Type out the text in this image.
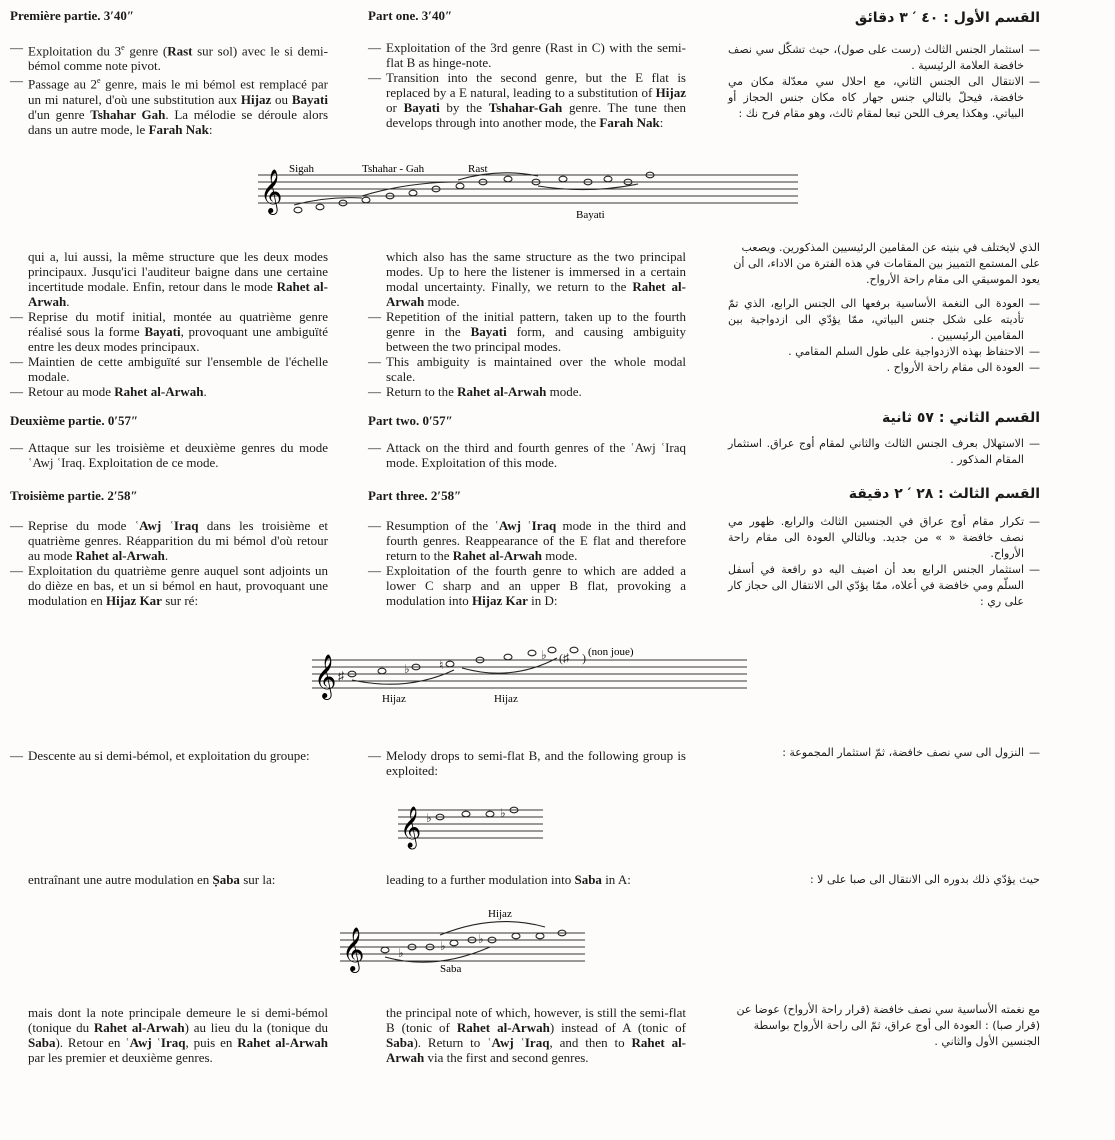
Première partie. 3′40″
— Exploitation du 3e genre (Rast sur sol) avec le si demi-bémol comme note pivot.
— Passage au 2e genre, mais le mi bémol est remplacé par un mi naturel, d'où une substitution aux Hijaz ou Bayati d'un genre Tshahar Gah. La mélodie se déroule alors dans un autre mode, le Farah Nak:
Part one. 3′40″
— Exploitation of the 3rd genre (Rast in C) with the semi-flat B as hinge-note.
— Transition into the second genre, but the E flat is replaced by a E natural, leading to a substitution of Hijaz or Bayati by the Tshahar-Gah genre. The tune then develops through into another mode, the Farah Nak:
القسم الأول : ٤٠ ′ ٣ دقائق
— استثمار الجنس الثالث (رست على صول)، حيث تشكّل سي نصف خافضة العلامة الرئيسية .
— الانتقال الى الجنس الثاني، مع احلال سي معدّلة مكان مي خافضة، فيحلّ بالتالي جنس جهار كاه مكان جنس الحجاز أو البياتي. وهكذا يعرف اللحن تبعا لمقام ثالث، وهو مقام فرح نك :
𝄞
Sigah	Tshahar - Gah	Rast
Bayati
qui a, lui aussi, la même structure que les deux modes principaux. Jusqu'ici l'auditeur baigne dans une certaine incertitude modale. Enfin, retour dans le mode Rahet al-Arwah.
— Reprise du motif initial, montée au quatrième genre réalisé sous la forme Bayati, provoquant une ambiguïté entre les deux modes principaux.
— Maintien de cette ambiguïté sur l'ensemble de l'échelle modale.
— Retour au mode Rahet al-Arwah.
which also has the same structure as the two principal modes. Up to here the listener is immersed in a certain modal uncertainty. Finally, we return to the Rahet al-Arwah mode.
— Repetition of the initial pattern, taken up to the fourth genre in the Bayati form, and causing ambiguity between the two principal modes.
— This ambiguity is maintained over the whole modal scale.
— Return to the Rahet al-Arwah mode.
الذي لايختلف في بنيته عن المقامين الرئيسيين المذكورين. ويصعب على المستمع التمييز بين المقامات في هذه الفترة من الاداء، الى أن يعود الموسيقي الى مقام راحة الأرواح.
— العودة الى النغمة الأساسية برفعها الى الجنس الرابع، الذي تمّ تأديته على شكل جنس البياتي، ممّا يؤدّي الى ازدواجية بين المقامين الرئيسيين .
— الاحتفاظ بهذه الازدواجية على طول السلم المقامي .
— العودة الى مقام راحة الأرواح .
Deuxième partie. 0′57″
— Attaque sur les troisième et deuxième genres du mode ʿAwj ʿIraq. Exploitation de ce mode.
Part two. 0′57″
— Attack on the third and fourth genres of the ʿAwj ʿIraq mode. Exploitation of this mode.
القسم الثاني : ٥٧ ثانية
— الاستهلال بعرف الجنس الثالث والثاني لمقام أوج عراق. استثمار المقام المذكور .
Troisième partie. 2′58″
— Reprise du mode ʿAwj ʿIraq dans les troisième et quatrième genres. Réapparition du mi bémol d'où retour au mode Rahet al-Arwah.
— Exploitation du quatrième genre auquel sont adjoints un do dièze en bas, et un si bémol en haut, provoquant une modulation en Hijaz Kar sur ré:
Part three. 2′58″
— Resumption of the ʿAwj ʿIraq mode in the third and fourth genres. Reappearance of the E flat and therefore return to the Rahet al-Arwah mode.
— Exploitation of the fourth genre to which are added a lower C sharp and an upper B flat, provoking a modulation into Hijaz Kar in D:
القسم الثالث : ٢٨ ′ ٢ دقيقة
— تكرار مقام أوج عراق في الجنسين الثالث والرابع. ظهور مي نصف خافضة « » من جديد. وبالتالي العودة الى مقام راحة الأرواح.
— استثمار الجنس الرابع بعد أن اضيف اليه دو رافعة في أسفل السلّم ومي خافضة في أعلاه، ممّا يؤدّي الى الانتقال الى حجاز كار على ري :
𝄞 ♯	♭ ♮
♭ (♯ ) (non joue)
Hijaz	Hijaz
— Descente au si demi-bémol, et exploitation du groupe:
—	Melody drops to semi-flat B, and the following group is exploited:
— النزول الى سي نصف خافضة، ثمّ استثمار المجموعة :
𝄞 ♭	♭
entraînant une autre modulation en Ṣaba sur la:	leading to a further modulation into Saba in A:	حيث يؤدّي ذلك بدوره الى الانتقال الى صبا على لا :
𝄞	♭	♭	♭
Hijaz
Saba
mais dont la note principale demeure le si demi-bémol (tonique du Rahet al-Arwah) au lieu du la (tonique du Saba). Retour en ʿAwj ʿIraq, puis en Rahet al-Arwah par les premier et deuxième genres.
the principal note of which, however, is still the semi-flat B (tonic of Rahet al-Arwah) instead of A (tonic of Saba). Return to ʿAwj ʿIraq, and then to Rahet al-Arwah via the first and second genres.
مع نغمته الأساسية سي نصف خافضة (قرار راحة الأرواح) عوضا عن (قرار صبا) : العودة الى أوج عراق، ثمّ الى راحة الأرواح بواسطة الجنسين الأول والثاني .
